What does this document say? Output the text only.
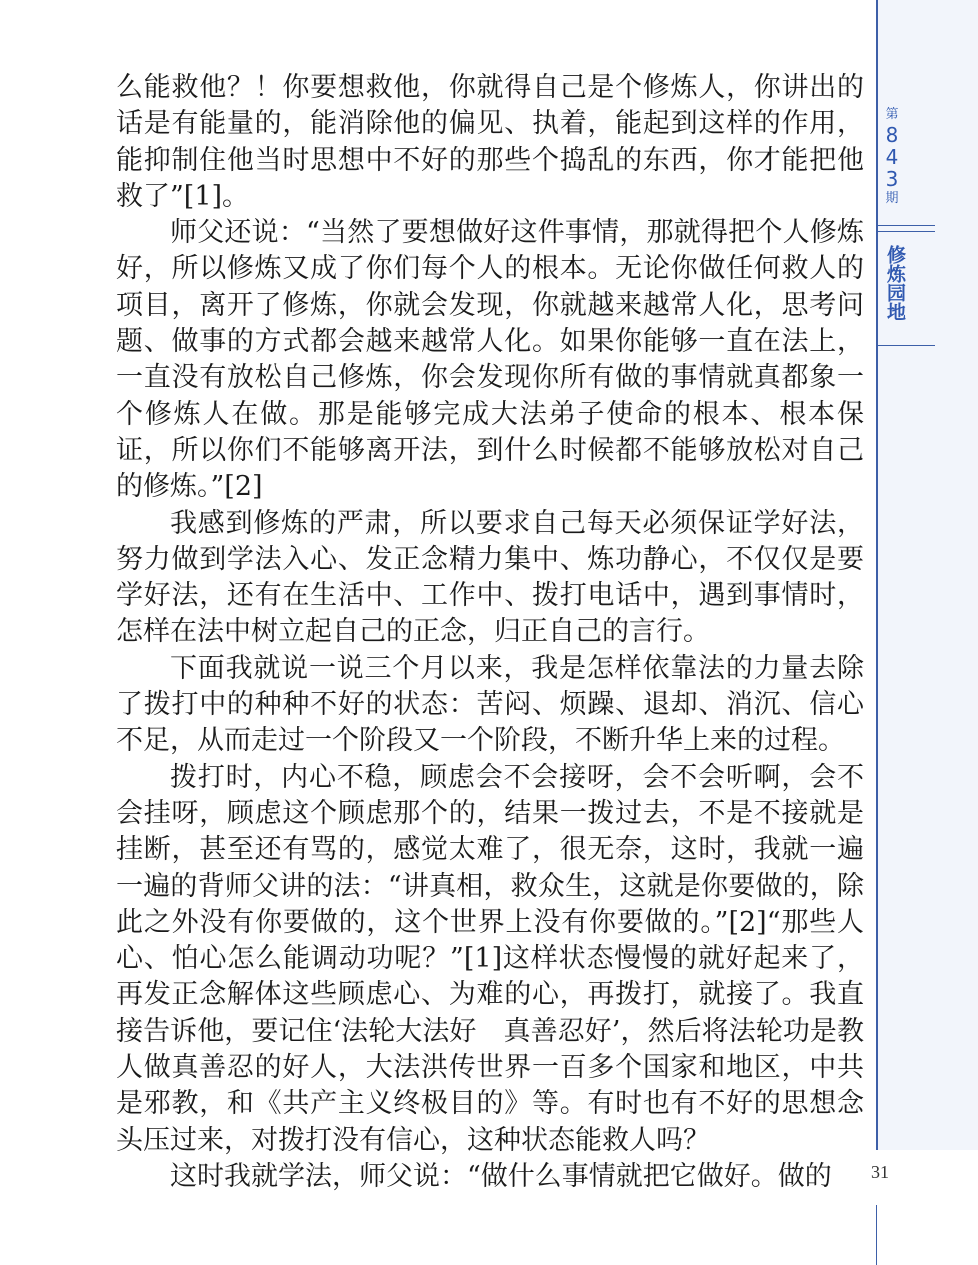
第
8
4
3
期
修炼园地

么能救他？！你要想救他，你就得自己是个修炼人，你讲出的话是有能量的，能消除他的偏见、执着，能起到这样的作用，能抑制住他当时思想中不好的那些个捣乱的东西，你才能把他救了”[1]。

师父还说：“当然了要想做好这件事情，那就得把个人修炼好，所以修炼又成了你们每个人的根本。无论你做任何救人的项目，离开了修炼，你就会发现，你就越来越常人化，思考问题、做事的方式都会越来越常人化。如果你能够一直在法上，一直没有放松自己修炼，你会发现你所有做的事情就真都象一个修炼人在做。那是能够完成大法弟子使命的根本、根本保证，所以你们不能够离开法，到什么时候都不能够放松对自己的修炼。”[2]

我感到修炼的严肃，所以要求自己每天必须保证学好法，努力做到学法入心、发正念精力集中、炼功静心，不仅仅是要学好法，还有在生活中、工作中、拨打电话中，遇到事情时，怎样在法中树立起自己的正念，归正自己的言行。

下面我就说一说三个月以来，我是怎样依靠法的力量去除了拨打中的种种不好的状态：苦闷、烦躁、退却、消沉、信心不足，从而走过一个阶段又一个阶段，不断升华上来的过程。

拨打时，内心不稳，顾虑会不会接呀，会不会听啊，会不会挂呀，顾虑这个顾虑那个的，结果一拨过去，不是不接就是挂断，甚至还有骂的，感觉太难了，很无奈，这时，我就一遍一遍的背师父讲的法：“讲真相，救众生，这就是你要做的，除此之外没有你要做的，这个世界上没有你要做的。”[2]“那些人心、怕心怎么能调动功呢？”[1]这样状态慢慢的就好起来了，再发正念解体这些顾虑心、为难的心，再拨打，就接了。我直接告诉他，要记住‘法轮大法好　真善忍好’，然后将法轮功是教人做真善忍的好人，大法洪传世界一百多个国家和地区，中共是邪教，和《共产主义终极目的》等。有时也有不好的思想念头压过来，对拨打没有信心，这种状态能救人吗？

这时我就学法，师父说：“做什么事情就把它做好。做的	31
